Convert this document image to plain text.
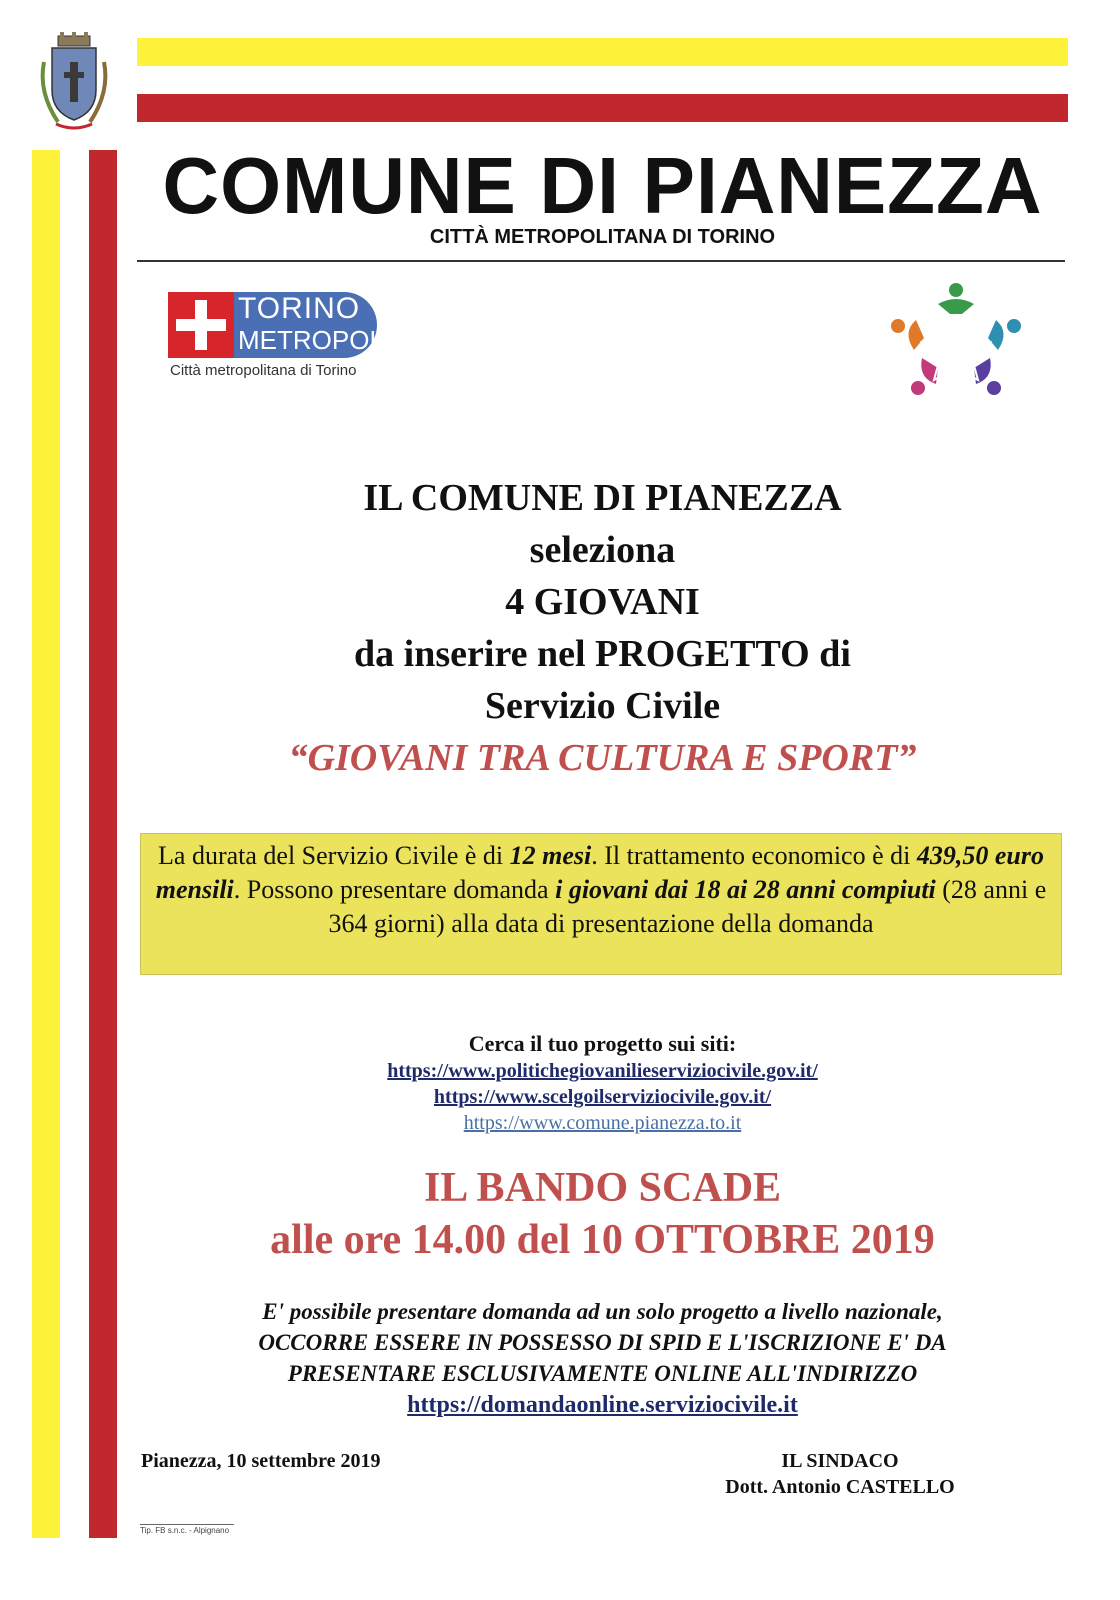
COMUNE DI PIANEZZA
CITTÀ METROPOLITANA DI TORINO
TORINO
METROPOLI
Città metropolitana di Torino
IL COMUNE DI PIANEZZA
seleziona
4 GIOVANI
da inserire nel PROGETTO di
Servizio Civile
“GIOVANI TRA CULTURA E SPORT”
La durata del Servizio Civile è di 12 mesi. Il trattamento economico è di 439,50 euro mensili. Possono presentare domanda i giovani dai 18 ai 28 anni compiuti (28 anni e 364 giorni) alla data di presentazione della domanda
Cerca il tuo progetto sui siti:
https://www.politichegiovanilieserviziocivile.gov.it/
https://www.scelgoilserviziocivile.gov.it/
https://www.comune.pianezza.to.it
IL BANDO SCADE
alle ore 14.00 del 10 OTTOBRE 2019
E' possibile presentare domanda ad un solo progetto a livello nazionale,
OCCORRE ESSERE IN POSSESSO DI SPID E L'ISCRIZIONE E' DA
PRESENTARE ESCLUSIVAMENTE ONLINE ALL'INDIRIZZO
https://domandaonline.serviziocivile.it
Pianezza, 10 settembre 2019	IL SINDACO
Dott. Antonio CASTELLO
Tip. FB s.n.c. - Alpignano
